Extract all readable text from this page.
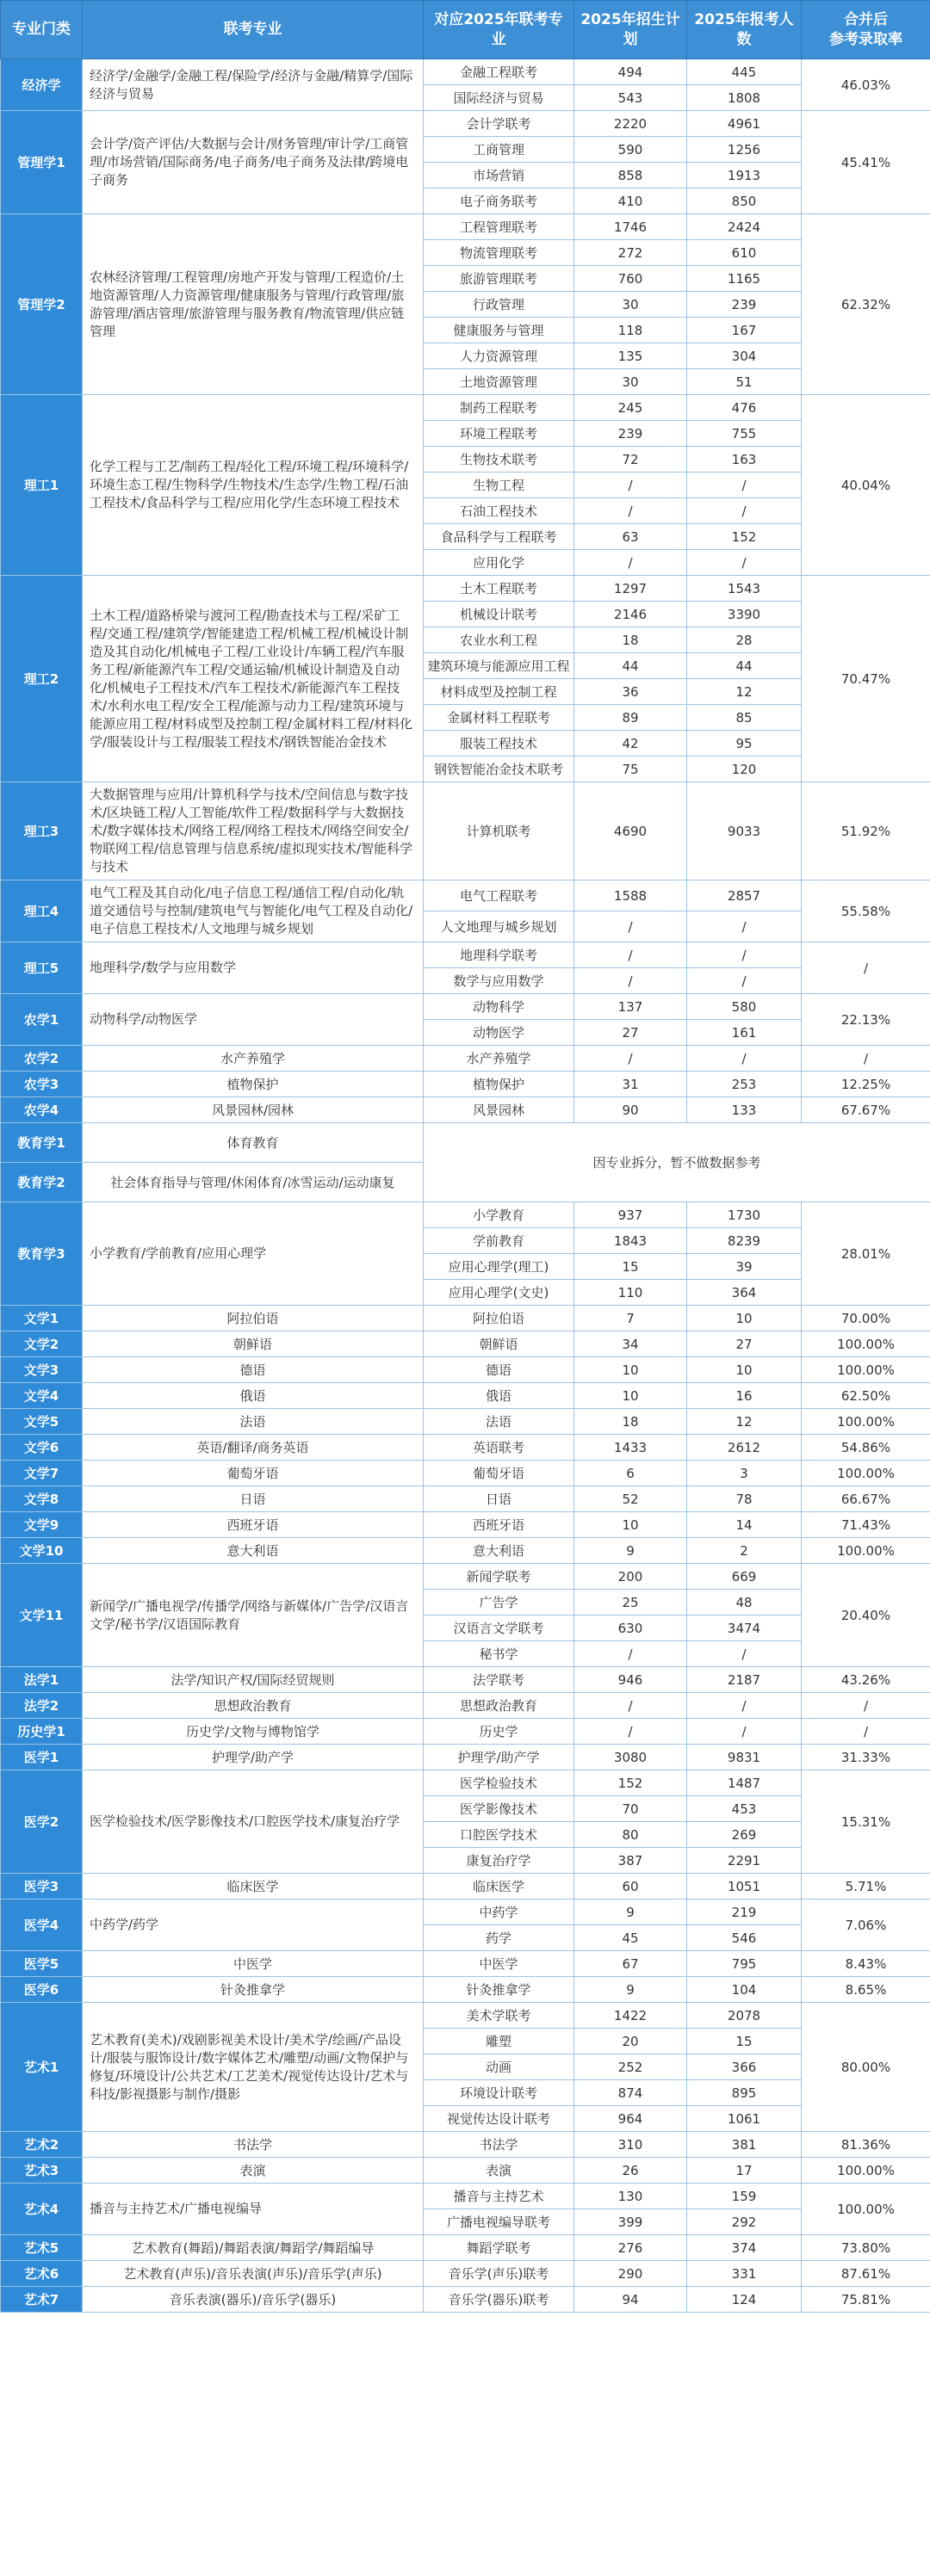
专业门类	联考专业	对应2025年联考专业	2025年招生计划	2025年报考人数	合并后
参考录取率
经济学	经济学/金融学/金融工程/保险学/经济与金融/精算学/国际经济与贸易	金融工程联考	494	445	46.03%
		国际经济与贸易	543	1808	
管理学1	会计学/资产评估/大数据与会计/财务管理/审计学/工商管理/市场营销/国际商务/电子商务/电子商务及法律/跨境电子商务	会计学联考	2220	4961	45.41%
		工商管理	590	1256	
		市场营销	858	1913	
		电子商务联考	410	850	
管理学2	农林经济管理/工程管理/房地产开发与管理/工程造价/土地资源管理/人力资源管理/健康服务与管理/行政管理/旅游管理/酒店管理/旅游管理与服务教育/物流管理/供应链管理	工程管理联考	1746	2424	62.32%
		物流管理联考	272	610	
		旅游管理联考	760	1165	
		行政管理	30	239	
		健康服务与管理	118	167	
		人力资源管理	135	304	
		土地资源管理	30	51	
理工1	化学工程与工艺/制药工程/轻化工程/环境工程/环境科学/环境生态工程/生物科学/生物技术/生态学/生物工程/石油工程技术/食品科学与工程/应用化学/生态环境工程技术	制药工程联考	245	476	40.04%
		环境工程联考	239	755	
		生物技术联考	72	163	
		生物工程	/	/	
		石油工程技术	/	/	
		食品科学与工程联考	63	152	
		应用化学	/	/	
理工2	土木工程/道路桥梁与渡河工程/勘查技术与工程/采矿工程/交通工程/建筑学/智能建造工程/机械工程/机械设计制造及其自动化/机械电子工程/工业设计/车辆工程/汽车服务工程/新能源汽车工程/交通运输/机械设计制造及自动化/机械电子工程技术/汽车工程技术/新能源汽车工程技术/水利水电工程/安全工程/能源与动力工程/建筑环境与能源应用工程/材料成型及控制工程/金属材料工程/材料化学/服装设计与工程/服装工程技术/钢铁智能冶金技术	土木工程联考	1297	1543	70.47%
		机械设计联考	2146	3390	
		农业水利工程	18	28	
		建筑环境与能源应用工程	44	44	
		材料成型及控制工程	36	12	
		金属材料工程联考	89	85	
		服装工程技术	42	95	
		钢铁智能冶金技术联考	75	120	
理工3	大数据管理与应用/计算机科学与技术/空间信息与数字技术/区块链工程/人工智能/软件工程/数据科学与大数据技术/数字媒体技术/网络工程/网络工程技术/网络空间安全/物联网工程/信息管理与信息系统/虚拟现实技术/智能科学与技术	计算机联考	4690	9033	51.92%
理工4	电气工程及其自动化/电子信息工程/通信工程/自动化/轨道交通信号与控制/建筑电气与智能化/电气工程及自动化/电子信息工程技术/人文地理与城乡规划	电气工程联考	1588	2857	55.58%
		人文地理与城乡规划	/	/	
理工5	地理科学/数学与应用数学	地理科学联考	/	/	/
		数学与应用数学	/	/	
农学1	动物科学/动物医学	动物科学	137	580	22.13%
		动物医学	27	161	
农学2	水产养殖学	水产养殖学	/	/	/
农学3	植物保护	植物保护	31	253	12.25%
农学4	风景园林/园林	风景园林	90	133	67.67%
教育学1	体育教育	因专业拆分，暂不做数据参考			
教育学2	社会体育指导与管理/休闲体育/冰雪运动/运动康复				
教育学3	小学教育/学前教育/应用心理学	小学教育	937	1730	28.01%
		学前教育	1843	8239	
		应用心理学(理工)	15	39	
		应用心理学(文史)	110	364	
文学1	阿拉伯语	阿拉伯语	7	10	70.00%
文学2	朝鲜语	朝鲜语	34	27	100.00%
文学3	德语	德语	10	10	100.00%
文学4	俄语	俄语	10	16	62.50%
文学5	法语	法语	18	12	100.00%
文学6	英语/翻译/商务英语	英语联考	1433	2612	54.86%
文学7	葡萄牙语	葡萄牙语	6	3	100.00%
文学8	日语	日语	52	78	66.67%
文学9	西班牙语	西班牙语	10	14	71.43%
文学10	意大利语	意大利语	9	2	100.00%
文学11	新闻学/广播电视学/传播学/网络与新媒体/广告学/汉语言文学/秘书学/汉语国际教育	新闻学联考	200	669	20.40%
		广告学	25	48	
		汉语言文学联考	630	3474	
		秘书学	/	/	
法学1	法学/知识产权/国际经贸规则	法学联考	946	2187	43.26%
法学2	思想政治教育	思想政治教育	/	/	/
历史学1	历史学/文物与博物馆学	历史学	/	/	/
医学1	护理学/助产学	护理学/助产学	3080	9831	31.33%
医学2	医学检验技术/医学影像技术/口腔医学技术/康复治疗学	医学检验技术	152	1487	15.31%
		医学影像技术	70	453	
		口腔医学技术	80	269	
		康复治疗学	387	2291	
医学3	临床医学	临床医学	60	1051	5.71%
医学4	中药学/药学	中药学	9	219	7.06%
		药学	45	546	
医学5	中医学	中医学	67	795	8.43%
医学6	针灸推拿学	针灸推拿学	9	104	8.65%
艺术1	艺术教育(美术)/戏剧影视美术设计/美术学/绘画/产品设计/服装与服饰设计/数字媒体艺术/雕塑/动画/文物保护与修复/环境设计/公共艺术/工艺美术/视觉传达设计/艺术与科技/影视摄影与制作/摄影	美术学联考	1422	2078	80.00%
		雕塑	20	15	
		动画	252	366	
		环境设计联考	874	895	
		视觉传达设计联考	964	1061	
艺术2	书法学	书法学	310	381	81.36%
艺术3	表演	表演	26	17	100.00%
艺术4	播音与主持艺术/广播电视编导	播音与主持艺术	130	159	100.00%
		广播电视编导联考	399	292	
艺术5	艺术教育(舞蹈)/舞蹈表演/舞蹈学/舞蹈编导	舞蹈学联考	276	374	73.80%
艺术6	艺术教育(声乐)/音乐表演(声乐)/音乐学(声乐)	音乐学(声乐)联考	290	331	87.61%
艺术7	音乐表演(器乐)/音乐学(器乐)	音乐学(器乐)联考	94	124	75.81%
